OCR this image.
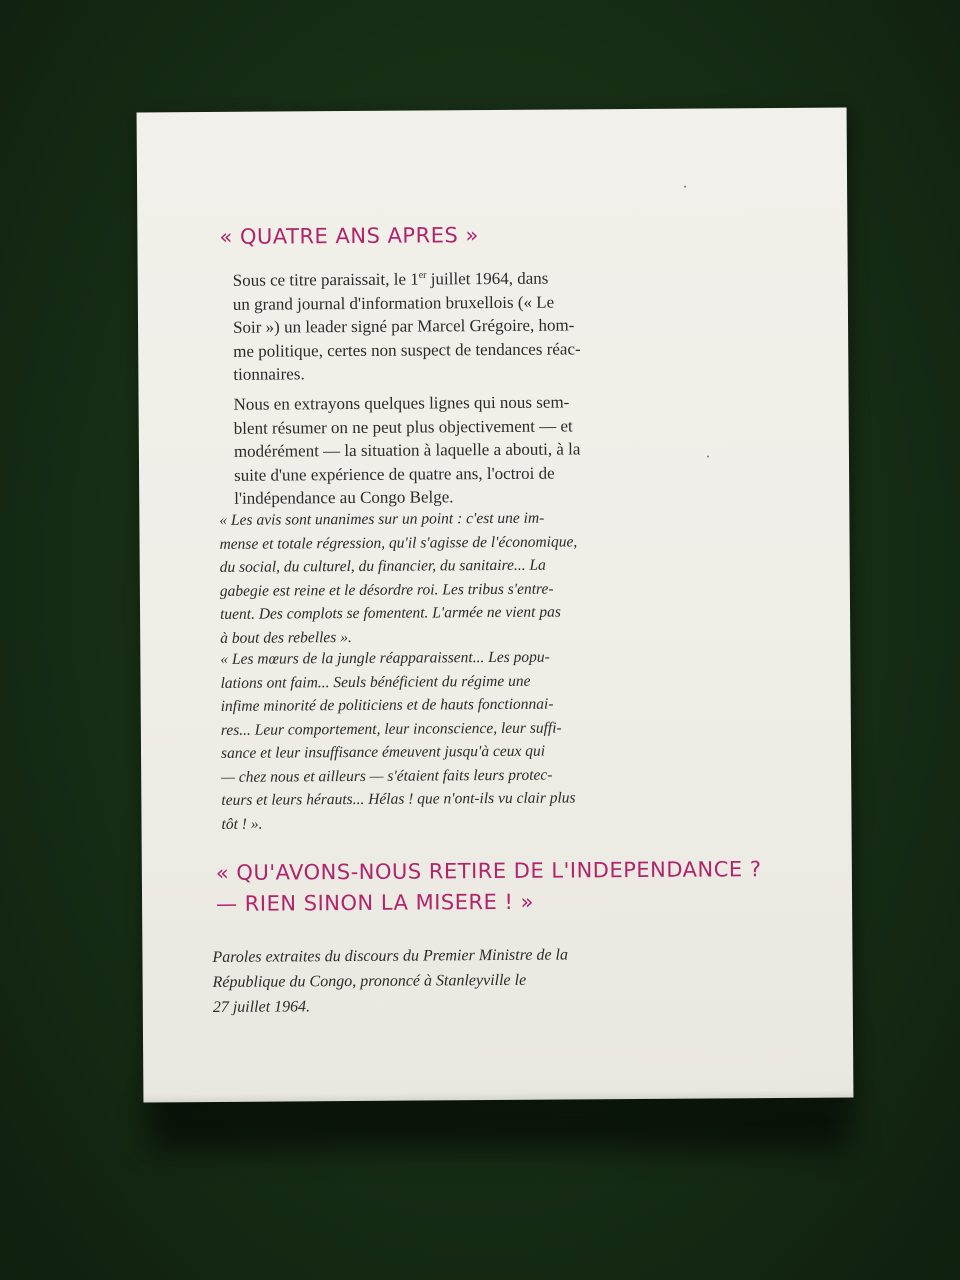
« QUATRE ANS APRES »
Sous ce titre paraissait, le 1er juillet 1964, dans
un grand journal d'information bruxellois (« Le
Soir ») un leader signé par Marcel Grégoire, hom-
me politique, certes non suspect de tendances réac-
tionnaires.
Nous en extrayons quelques lignes qui nous sem-
blent résumer on ne peut plus objectivement — et
modérément — la situation à laquelle a abouti, à la
suite d'une expérience de quatre ans, l'octroi de
l'indépendance au Congo Belge.
« Les avis sont unanimes sur un point : c'est une im-
mense et totale régression, qu'il s'agisse de l'économique,
du social, du culturel, du financier, du sanitaire... La
gabegie est reine et le désordre roi. Les tribus s'entre-
tuent. Des complots se fomentent. L'armée ne vient pas
à bout des rebelles ».
« Les mœurs de la jungle réapparaissent... Les popu-
lations ont faim... Seuls bénéficient du régime une
infime minorité de politiciens et de hauts fonctionnai-
res... Leur comportement, leur inconscience, leur suffi-
sance et leur insuffisance émeuvent jusqu'à ceux qui
— chez nous et ailleurs — s'étaient faits leurs protec-
teurs et leurs hérauts... Hélas ! que n'ont-ils vu clair plus
tôt ! ».
« QU'AVONS-NOUS RETIRE DE L'INDEPENDANCE ?
— RIEN SINON LA MISERE ! »
Paroles extraites du discours du Premier Ministre de la
République du Congo, prononcé à Stanleyville le
27 juillet 1964.
